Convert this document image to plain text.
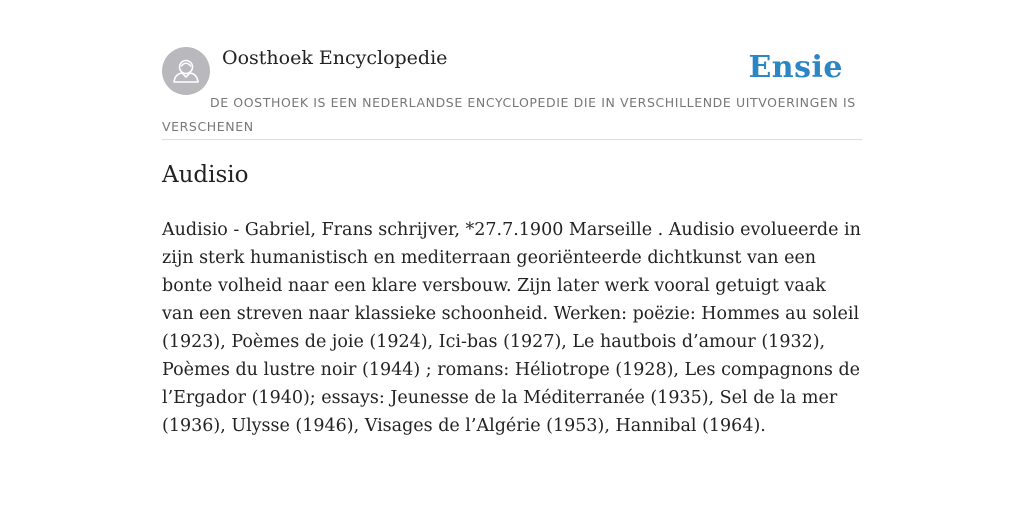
Oosthoek Encyclopedie	Ensie
DE OOSTHOEK IS EEN NEDERLANDSE ENCYCLOPEDIE DIE IN VERSCHILLENDE UITVOERINGEN IS VERSCHENEN
Audisio

Audisio - Gabriel, Frans schrijver, *27.7.1900 Marseille . Audisio evolueerde in zijn sterk humanistisch en mediterraan georiënteerde dichtkunst van een bonte volheid naar een klare versbouw. Zijn later werk vooral getuigt vaak van een streven naar klassieke schoonheid. Werken: poëzie: Hommes au soleil (1923), Poèmes de joie (1924), Ici-bas (1927), Le hautbois d’amour (1932), Poèmes du lustre noir (1944) ; romans: Héliotrope (1928), Les compagnons de l’Ergador (1940); essays: Jeunesse de la Méditerranée (1935), Sel de la mer (1936), Ulysse (1946), Visages de l’Algérie (1953), Hannibal (1964).
